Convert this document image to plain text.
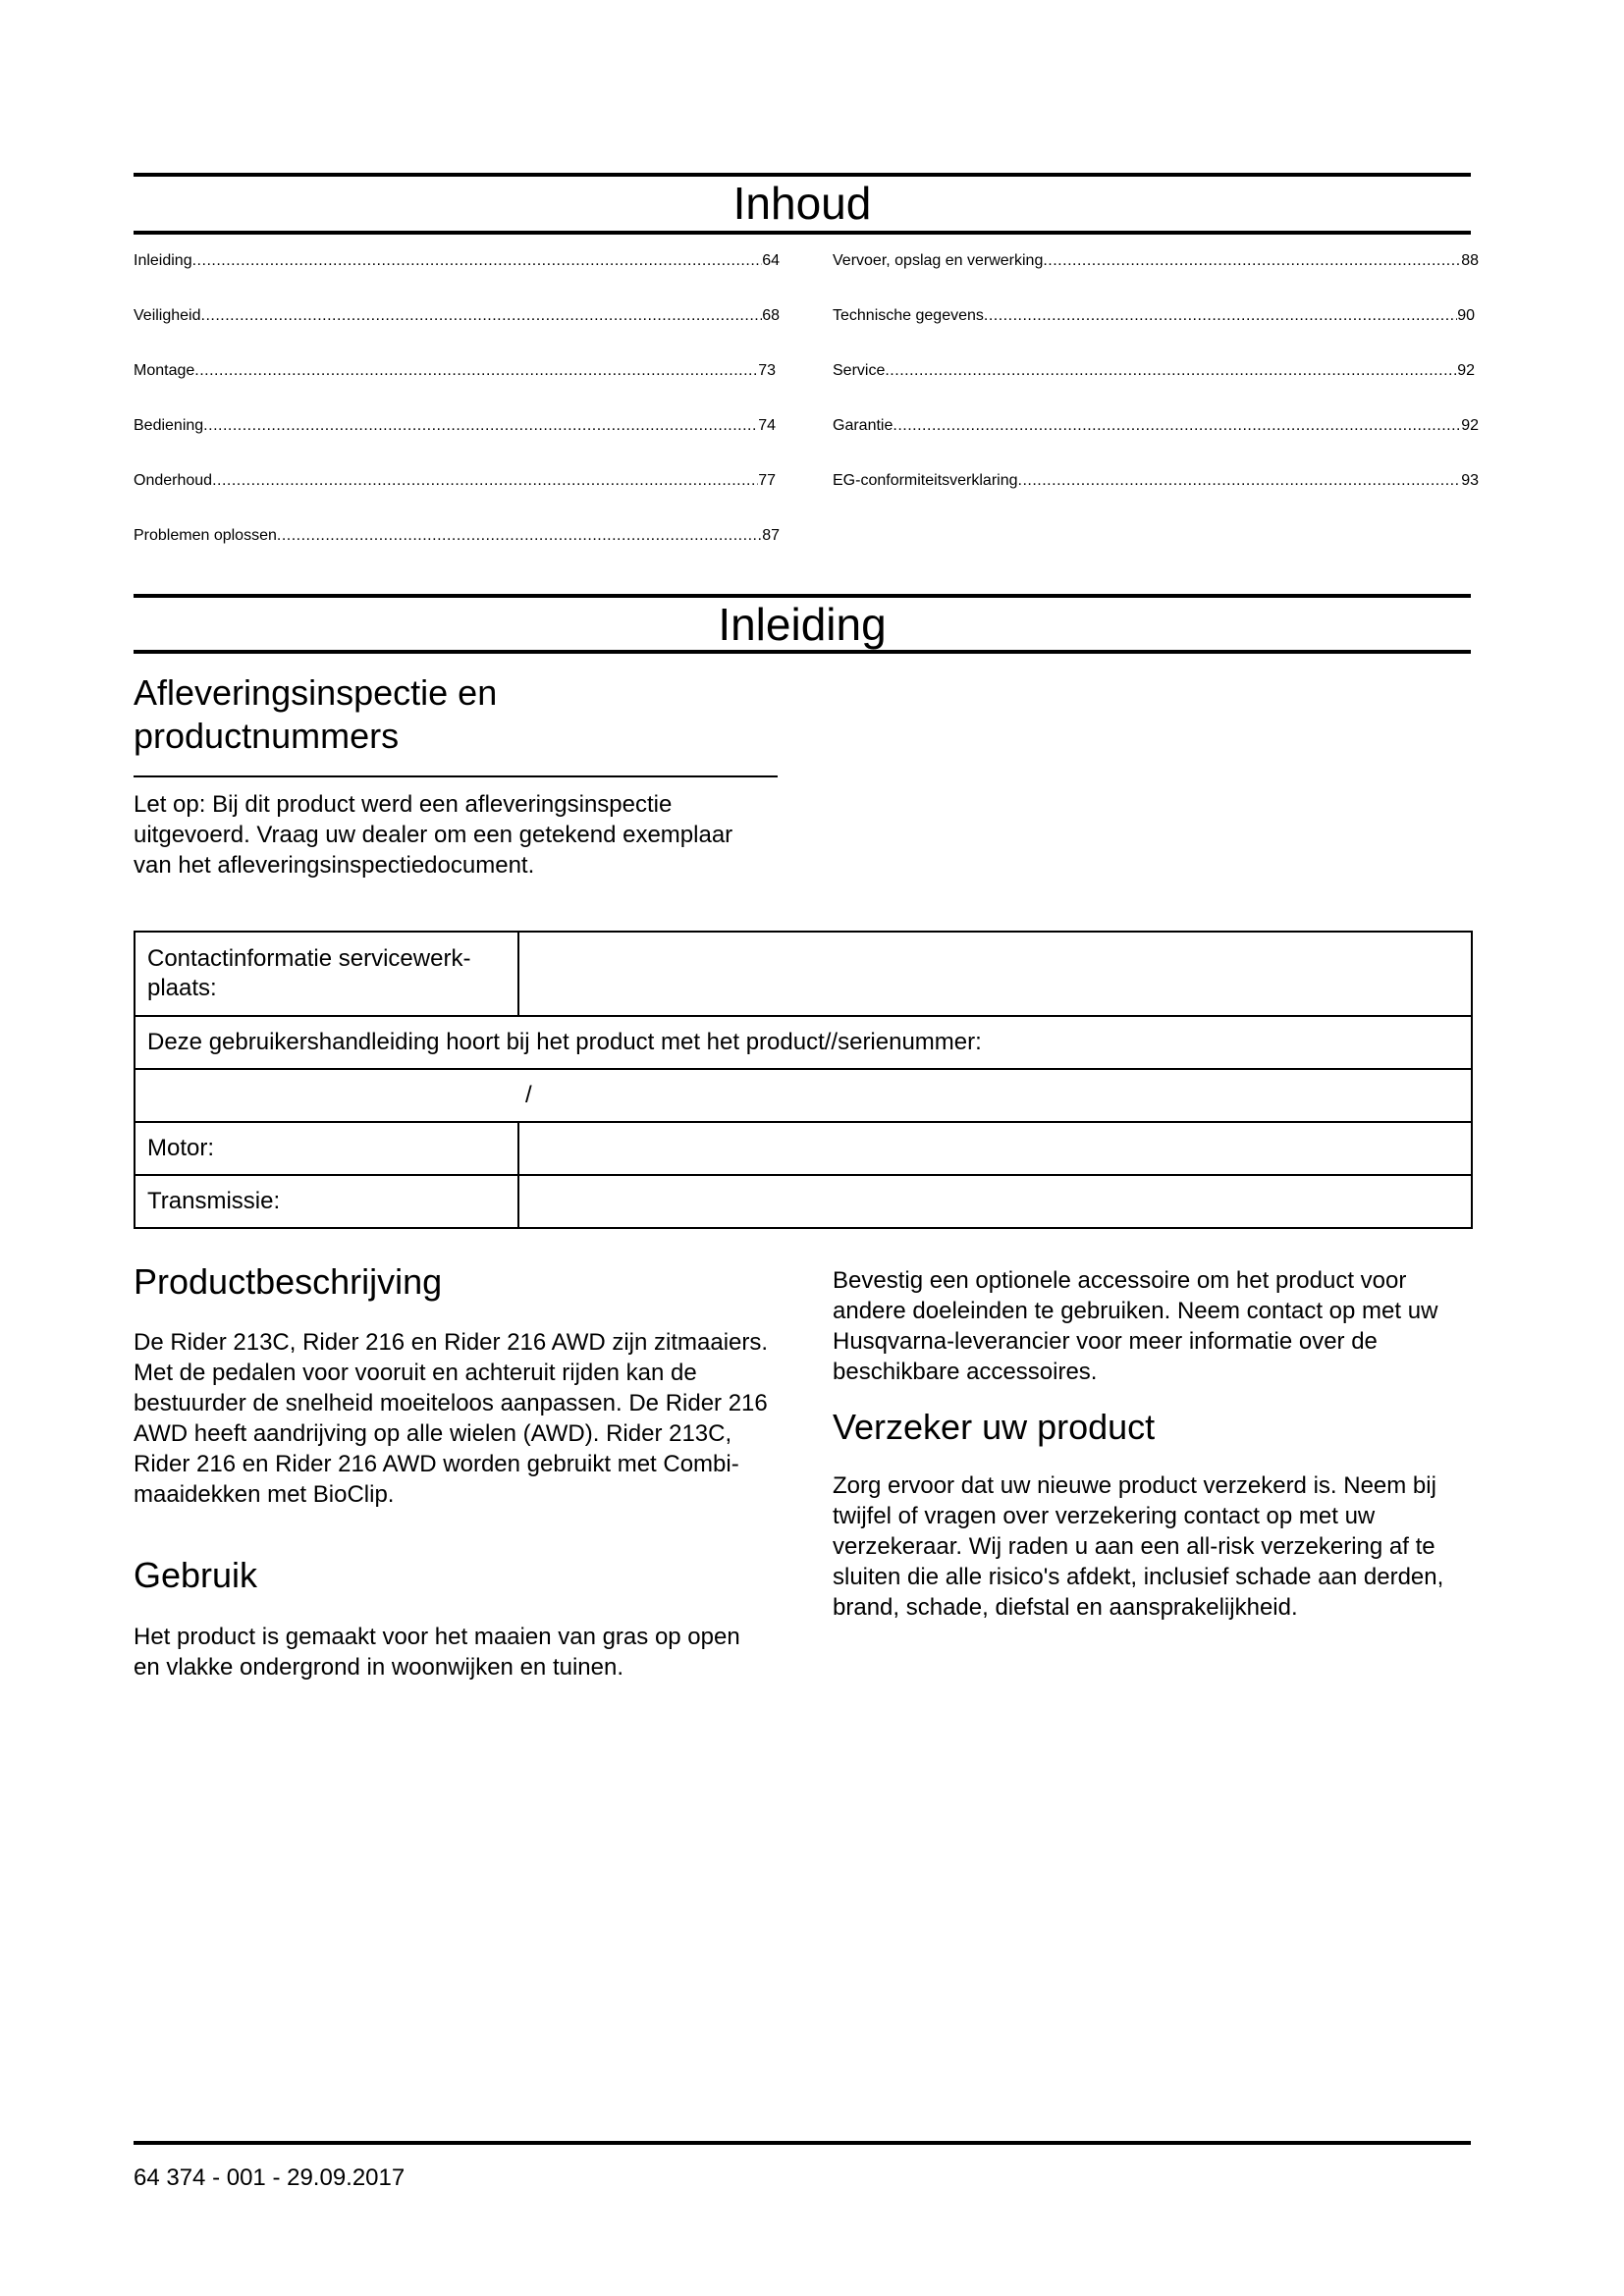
Inhoud
Inleiding .....	64
Veiligheid .....	68
Montage .....	73
Bediening .....	74
Onderhoud .....	77
Problemen oplossen .....	87
Vervoer, opslag en verwerking .....	88
Technische gegevens .....	90
Service .....	92
Garantie .....	92
EG-conformiteitsverklaring .....	93
Inleiding
Afleveringsinspectie en productnummers
Let op: Bij dit product werd een afleveringsinspectie uitgevoerd. Vraag uw dealer om een getekend exemplaar van het afleveringsinspectiedocument.
Contactinformatie servicewerk-plaats:	

Deze gebruikershandleiding hoort bij het product met het product//serienummer:	
/	
Motor:	
Transmissie:	
Productbeschrijving
De Rider 213C, Rider 216 en Rider 216 AWD zijn zitmaaiers. Met de pedalen voor vooruit en achteruit rijden kan de bestuurder de snelheid moeiteloos aanpassen. De Rider 216 AWD heeft aandrijving op alle wielen (AWD). Rider 213C, Rider 216 en Rider 216 AWD worden gebruikt met Combi-maaidekken met BioClip.
Gebruik
Het product is gemaakt voor het maaien van gras op open en vlakke ondergrond in woonwijken en tuinen.
Bevestig een optionele accessoire om het product voor andere doeleinden te gebruiken. Neem contact op met uw Husqvarna-leverancier voor meer informatie over de beschikbare accessoires.
Verzeker uw product
Zorg ervoor dat uw nieuwe product verzekerd is. Neem bij twijfel of vragen over verzekering contact op met uw verzekeraar. Wij raden u aan een all-risk verzekering af te sluiten die alle risico's afdekt, inclusief schade aan derden, brand, schade, diefstal en aansprakelijkheid.
64 374 - 001 - 29.09.2017
